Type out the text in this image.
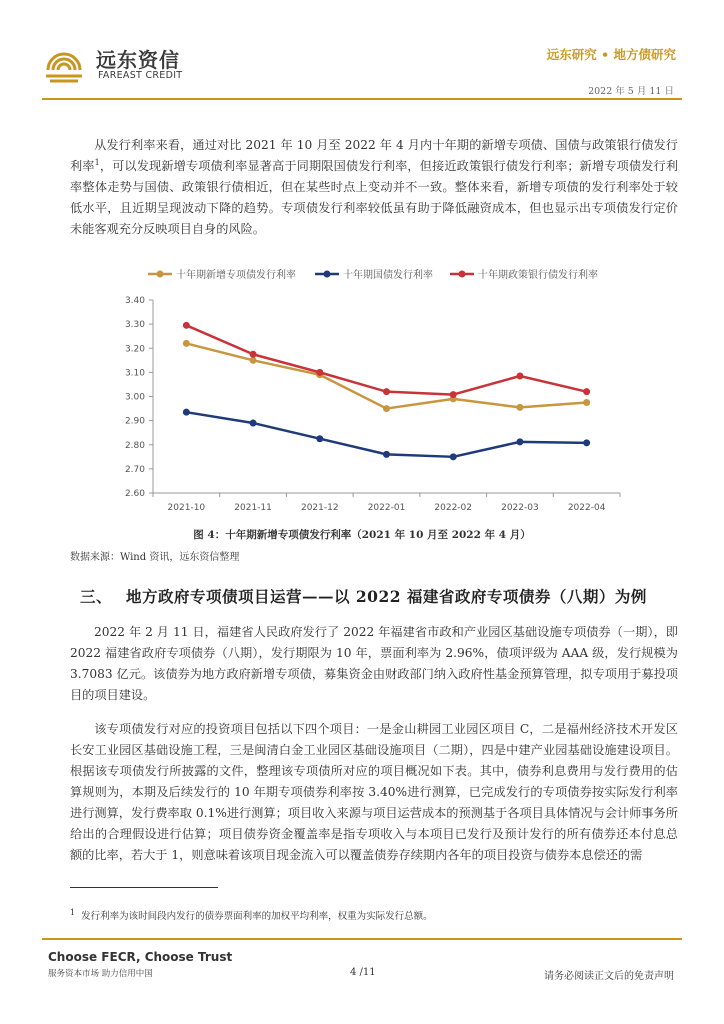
远东资信
FAREAST CREDIT
远东研究 • 地方债研究
2022 年 5 月 11 日
从发行利率来看，通过对比 2021 年 10 月至 2022 年 4 月内十年期的新增专项债、国债与政策银行债发行利率$^1$，可以发现新增专项债利率显著高于同期限国债发行利率，但接近政策银行债发行利率；新增专项债发行利率整体走势与国债、政策银行债相近，但在某些时点上变动并不一致。整体来看，新增专项债的发行利率处于较低水平，且近期呈现波动下降的趋势。专项债发行利率较低虽有助于降低融资成本，但也显示出专项债发行定价未能客观充分反映项目自身的风险。
2.60
2.70
2.80
2.90
3.00
3.10
3.20
3.30
3.40
2021-10	2021-11	2021-12	2022-01	2022-02	2022-03	2022-04
十年期新增专项债发行利率	十年期国债发行利率	十年期政策银行债发行利率
图 4：十年期新增专项债发行利率（2021 年 10 月至 2022 年 4 月）
数据来源：Wind 资讯，远东资信整理
三、 地方政府专项债项目运营——以 2022 福建省政府专项债券（八期）为例
2022 年 2 月 11 日，福建省人民政府发行了 2022 年福建省市政和产业园区基础设施专项债券（一期），即 2022 福建省政府专项债券（八期），发行期限为 10 年，票面利率为 2.96%，债项评级为 AAA 级，发行规模为 3.7083 亿元。该债券为地方政府新增专项债，募集资金由财政部门纳入政府性基金预算管理，拟专项用于募投项目的项目建设。
该专项债发行对应的投资项目包括以下四个项目：一是金山耕园工业园区项目 C，二是福州经济技术开发区长安工业园区基础设施工程，三是闽清白金工业园区基础设施项目（二期），四是中建产业园基础设施建设项目。根据该专项债发行所披露的文件，整理该专项债所对应的项目概况如下表。其中，债券利息费用与发行费用的估算规则为，本期及后续发行的 10 年期专项债券利率按 3.40%进行测算，已完成发行的专项债券按实际发行利率进行测算，发行费率取 0.1%进行测算；项目收入来源与项目运营成本的预测基于各项目具体情况与会计师事务所给出的合理假设进行估算；项目债券资金覆盖率是指专项收入与本项目已发行及预计发行的所有债券还本付息总额的比率，若大于 1，则意味着该项目现金流入可以覆盖债券存续期内各年的项目投资与债券本息偿还的需
$^1$ 发行利率为该时间段内发行的债券票面利率的加权平均利率，权重为实际发行总额。
Choose FECR, Choose Trust
服务资本市场 助力信用中国	4 /11	请务必阅读正文后的免责声明
